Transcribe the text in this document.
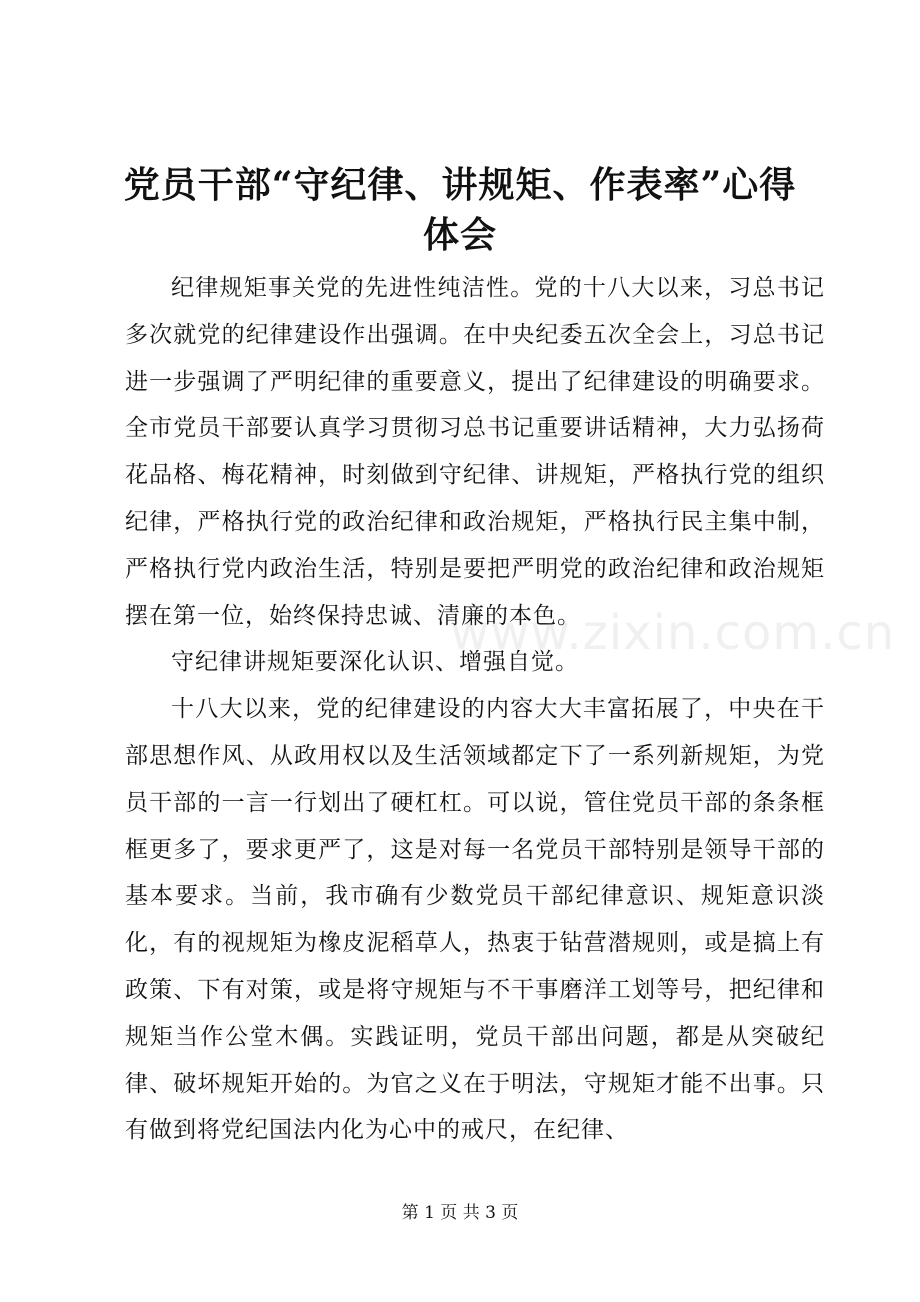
党员干部“守纪律、讲规矩、作表率”心得体会

纪律规矩事关党的先进性纯洁性。党的十八大以来，习总书记多次就党的纪律建设作出强调。在中央纪委五次全会上，习总书记进一步强调了严明纪律的重要意义，提出了纪律建设的明确要求。全市党员干部要认真学习贯彻习总书记重要讲话精神，大力弘扬荷花品格、梅花精神，时刻做到守纪律、讲规矩，严格执行党的组织纪律，严格执行党的政治纪律和政治规矩，严格执行民主集中制，严格执行党内政治生活，特别是要把严明党的政治纪律和政治规矩摆在第一位，始终保持忠诚、清廉的本色。

守纪律讲规矩要深化认识、增强自觉。

十八大以来，党的纪律建设的内容大大丰富拓展了，中央在干部思想作风、从政用权以及生活领域都定下了一系列新规矩，为党员干部的一言一行划出了硬杠杠。可以说，管住党员干部的条条框框更多了，要求更严了，这是对每一名党员干部特别是领导干部的基本要求。当前，我市确有少数党员干部纪律意识、规矩意识淡化，有的视规矩为橡皮泥稻草人，热衷于钻营潜规则，或是搞上有政策、下有对策，或是将守规矩与不干事磨洋工划等号，把纪律和规矩当作公堂木偶。实践证明，党员干部出问题，都是从突破纪律、破坏规矩开始的。为官之义在于明法，守规矩才能不出事。只有做到将党纪国法内化为心中的戒尺，在纪律、

www.zixin.com.cn
第 1 页 共 3 页
